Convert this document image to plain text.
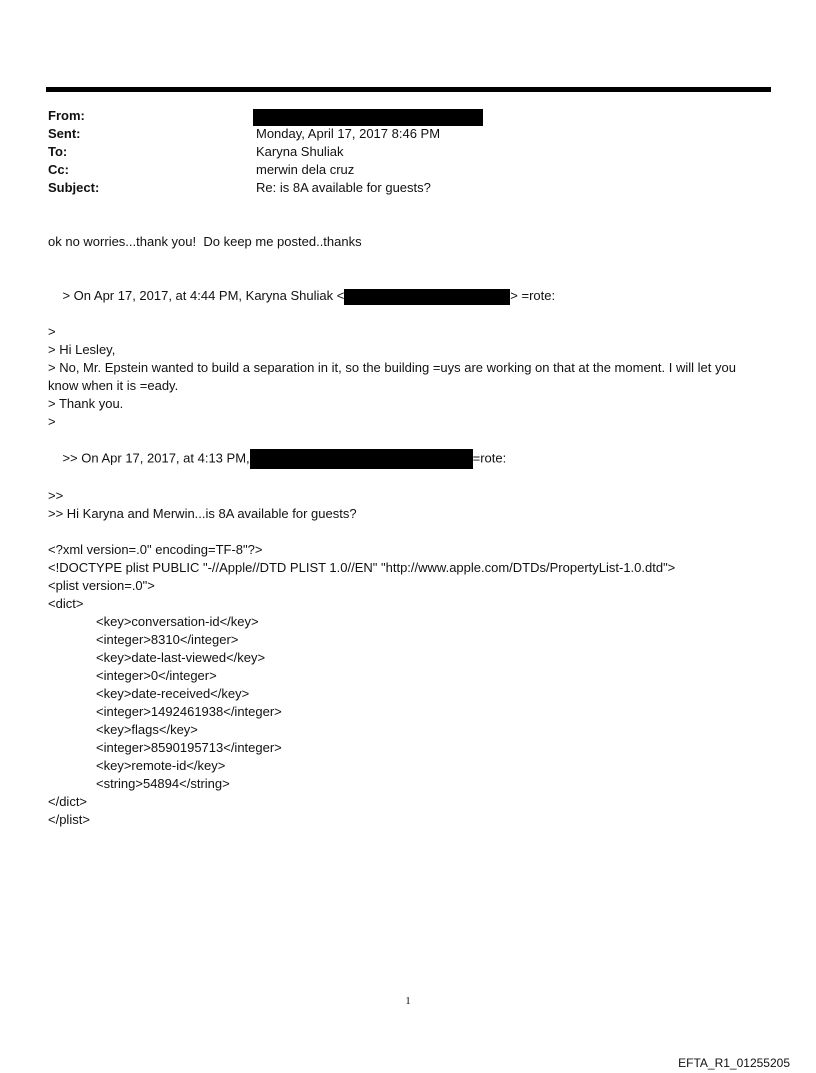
From:
Sent:	Monday, April 17, 2017 8:46 PM
To:	Karyna Shuliak
Cc:	merwin dela cruz
Subject:	Re: is 8A available for guests?
ok no worries...thank you!  Do keep me posted..thanks

> On Apr 17, 2017, at 4:44 PM, Karyna Shuliak <	> =rote:

>
> Hi Lesley,
> No, Mr. Epstein wanted to build a separation in it, so the building =uys are working on that at the moment. I will let you know when it is =eady.
> Thank you.
>

>> On Apr 17, 2017, at 4:13 PM,	=rote:

>>
>> Hi Karyna and Merwin...is 8A available for guests?
<?xml version=.0" encoding=TF-8"?>
<!DOCTYPE plist PUBLIC "-//Apple//DTD PLIST 1.0//EN" "http://www.apple.com/DTDs/PropertyList-1.0.dtd">
<plist version=.0">
<dict>
<key>conversation-id</key>
<integer>8310</integer>
<key>date-last-viewed</key>
<integer>0</integer>
<key>date-received</key>
<integer>1492461938</integer>
<key>flags</key>
<integer>8590195713</integer>
<key>remote-id</key>
<string>54894</string>
</dict>
</plist>
1
EFTA_R1_01255205
